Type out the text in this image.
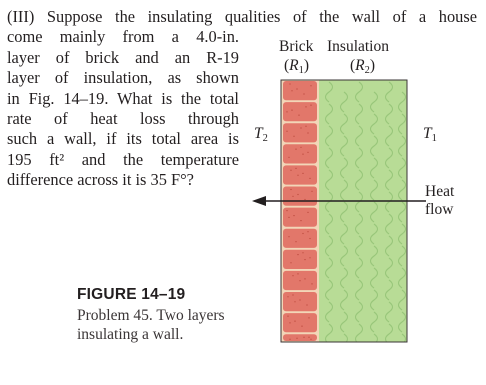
(III) Suppose the insulating qualities of the wall of a house
come mainly from a 4.0-in.
layer of brick and an R-19
layer of insulation, as shown
in Fig. 14–19. What is the total
rate of heat loss through
such a wall, if its total area is
195 ft² and the temperature
difference across it is 35 F°?
Brick Insulation
$(R_1)$	$(R_2)$
$T_2$	$T_1$
Heat
flow
FIGURE 14–19
Problem 45. Two layers insulating a wall.
